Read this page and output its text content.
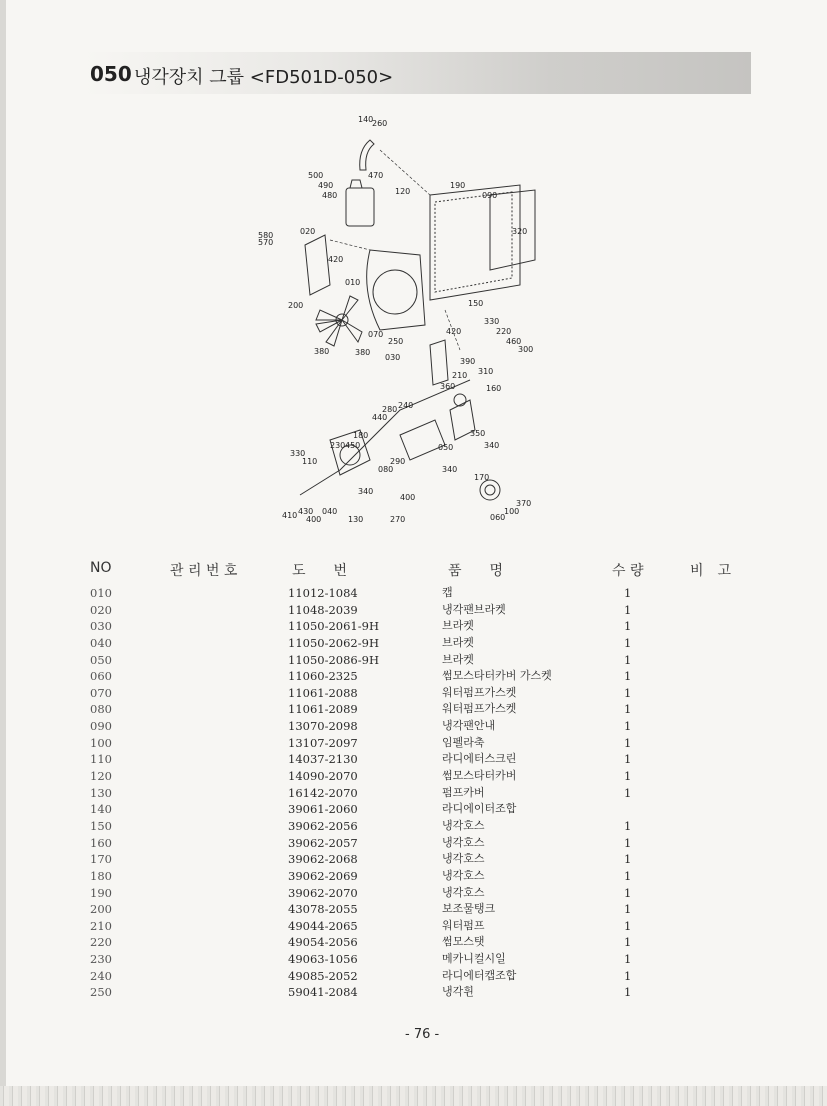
050 냉각장치 그룹 <FD501D-050>
140
260
500
490
480
470
120
190
090
320
580
570
020
420
010
200
070
250
030
380	380
150
330
420	220
460
300
390
310
210
360	160
280 240
440
180
230 450	050
350
340
330
110	290
080	340
170
340
400
370
410 430 040
400	130	270	060
100
NO	관 리 번 호	도　　번	품　　명	수 량	비　고
010	11012-1084	캡	1
020	11048-2039	냉각팬브라켓	1
030	11050-2061-9H	브라켓	1
040	11050-2062-9H	브라켓	1
050	11050-2086-9H	브라켓	1
060	11060-2325	썸모스타터카버 가스켓	1
070	11061-2088	워터펌프가스켓	1
080	11061-2089	워터펌프가스켓	1
090	13070-2098	냉각팬안내	1
100	13107-2097	임펠라축	1
110	14037-2130	라디에터스크린	1
120	14090-2070	썸모스타터카버	1
130	16142-2070	펌프카버	1
140	39061-2060	라디에이터조합
150	39062-2056	냉각호스	1
160	39062-2057	냉각호스	1
170	39062-2068	냉각호스	1
180	39062-2069	냉각호스	1
190	39062-2070	냉각호스	1
200	43078-2055	보조물탱크	1
210	49044-2065	워터펌프	1
220	49054-2056	썸모스탯	1
230	49063-1056	메카니컬시일	1
240	49085-2052	라디에터캡조합	1
250	59041-2084	냉각휜	1
- 76 -
